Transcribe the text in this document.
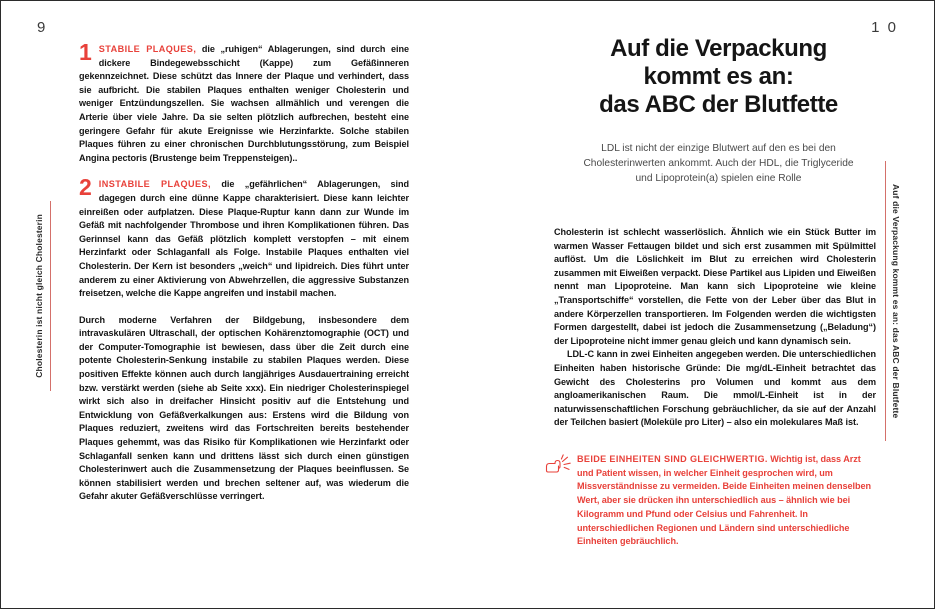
9
Cholesterin ist nicht gleich Cholesterin

1 STABILE PLAQUES, die „ruhigen“ Ablagerungen, sind durch eine dickere Bindegewebsschicht (Kappe) zum Gefäßinneren gekennzeichnet. Diese schützt das Innere der Plaque und verhindert, dass sie aufbricht. Die stabilen Plaques enthalten weniger Cholesterin und weniger Entzündungszellen. Sie wachsen allmählich und verengen die Arterie über viele Jahre. Da sie selten plötzlich aufbrechen, besteht eine geringere Gefahr für akute Ereignisse wie Herzinfarkte. Solche stabilen Plaques führen zu einer chronischen Durchblutungsstörung, zum Beispiel Angina pectoris (Brustenge beim Treppensteigen)..

2 INSTABILE PLAQUES, die „gefährlichen“ Ablagerungen, sind dagegen durch eine dünne Kappe charakterisiert. Diese kann leichter einreißen oder aufplatzen. Diese Plaque-Ruptur kann dann zur Wunde im Gefäß mit nachfolgender Thrombose und ihren Komplikationen führen. Das Gerinnsel kann das Gefäß plötzlich komplett verstopfen – mit einem Herzinfarkt oder Schlaganfall als Folge. Instabile Plaques enthalten viel Cholesterin. Der Kern ist besonders „weich“ und lipidreich. Dies führt unter anderem zu einer Aktivierung von Abwehrzellen, die aggressive Substanzen freisetzen, welche die Kappe angreifen und instabil machen.

Durch moderne Verfahren der Bildgebung, insbesondere dem intravaskulären Ultraschall, der optischen Kohärenztomographie (OCT) und der Computer-Tomographie ist bewiesen, dass über die Zeit durch eine potente Cholesterin-Senkung instabile zu stabilen Plaques werden. Diese positiven Effekte können auch durch langjähriges Ausdauertraining erreicht bzw. verstärkt werden (siehe ab Seite xxx). Ein niedriger Cholesterinspiegel wirkt sich also in dreifacher Hinsicht positiv auf die Entstehung und Entwicklung von Gefäßverkalkungen aus: Erstens wird die Bildung von Plaques reduziert, zweitens wird das Fortschreiten bereits bestehender Plaques gehemmt, was das Risiko für Komplikationen wie Herzinfarkt oder Schlaganfall senken kann und drittens lässt sich durch einen günstigen Cholesterinwert auch die Zusammensetzung der Plaques beeinflussen. Se können stabilisiert werden und brechen seltener auf, was wiederum die Gefahr akuter Gefäßverschlüsse verringert.

1 0
Auf die Verpackung kommt es an: das ABC der Blutfette
Auf die Verpackung
kommt es an:
das ABC der Blutfette
LDL ist nicht der einzige Blutwert auf den es bei den Cholesterinwerten ankommt. Auch der HDL, die Triglyceride und Lipoprotein(a) spielen eine Rolle

Cholesterin ist schlecht wasserlöslich. Ähnlich wie ein Stück Butter im warmen Wasser Fettaugen bildet und sich erst zusammen mit Spülmittel auflöst. Um die Löslichkeit im Blut zu erreichen wird Cholesterin zusammen mit Eiweißen verpackt. Diese Partikel aus Lipiden und Eiweißen nennt man Lipoproteine. Man kann sich Lipoproteine wie kleine „Transportschiffe“ vorstellen, die Fette von der Leber über das Blut in andere Körperzellen transportieren. Im Folgenden werden die wichtigsten Formen dargestellt, dabei ist jedoch die Zusammensetzung („Beladung“) der Lipoproteine nicht immer genau gleich und kann dynamisch sein.

LDL-C kann in zwei Einheiten angegeben werden. Die unterschiedlichen Einheiten haben historische Gründe: Die mg/dL-Einheit betrachtet das Gewicht des Cholesterins pro Volumen und kommt aus dem angloamerikanischen Raum. Die mmol/L-Einheit ist in der naturwissenschaftlichen Forschung gebräuchlicher, da sie auf der Anzahl der Teilchen basiert (Moleküle pro Liter) – also ein molekulares Maß ist.

BEIDE EINHEITEN SIND GLEICHWERTIG. Wichtig ist, dass Arzt und Patient wissen, in welcher Einheit gesprochen wird, um Missverständnisse zu vermeiden. Beide Einheiten meinen denselben Wert, aber sie drücken ihn unterschiedlich aus – ähnlich wie bei Kilogramm und Pfund oder Celsius und Fahrenheit. In unterschiedlichen Regionen und Ländern sind unterschiedliche Einheiten gebräuchlich.
